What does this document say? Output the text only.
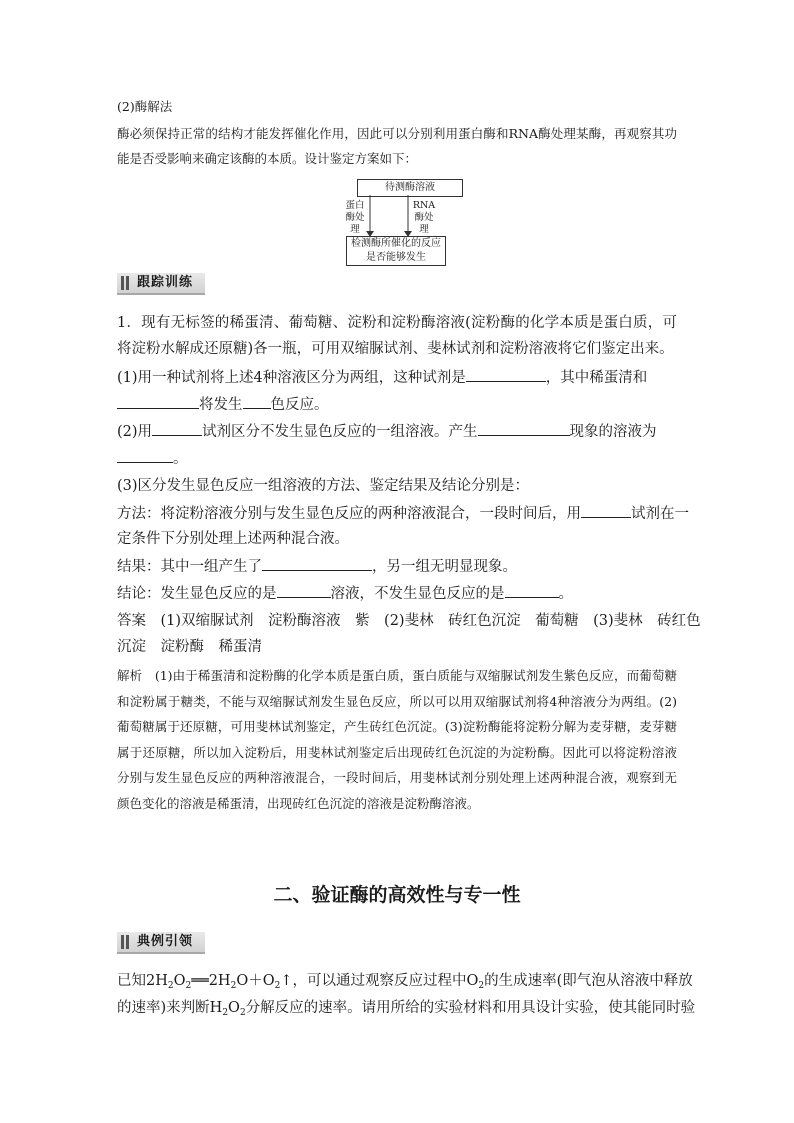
(2)酶解法

酶必须保持正常的结构才能发挥催化作用，因此可以分别利用蛋白酶和RNA酶处理某酶，再观察其功能是否受影响来确定该酶的本质。设计鉴定方案如下：

待测酶溶液
蛋白酶处理
RNA酶处理
检测酶所催化的反应是否能够发生
跟踪训练

1．现有无标签的稀蛋清、葡萄糖、淀粉和淀粉酶溶液(淀粉酶的化学本质是蛋白质，可将淀粉水解成还原糖)各一瓶，可用双缩脲试剂、斐林试剂和淀粉溶液将它们鉴定出来。

(1)用一种试剂将上述4种溶液区分为两组，这种试剂是	，其中稀蛋清和
将发生 色反应。
(2)用	试剂区分不发生显色反应的一组溶液。产生	现象的溶液为
。
(3)区分发生显色反应一组溶液的方法、鉴定结果及结论分别是：
方法：将淀粉溶液分别与发生显色反应的两种溶液混合，一段时间后，用	试剂在一
定条件下分别处理上述两种混合液。
结果：其中一组产生了	，另一组无明显现象。
结论：发生显色反应的是	溶液，不发生显色反应的是	。
答案　(1)双缩脲试剂　淀粉酶溶液　紫　(2)斐林　砖红色沉淀　葡萄糖　(3)斐林　砖红色
沉淀　淀粉酶　稀蛋清

解析　(1)由于稀蛋清和淀粉酶的化学本质是蛋白质，蛋白质能与双缩脲试剂发生紫色反应，而葡萄糖和淀粉属于糖类，不能与双缩脲试剂发生显色反应，所以可以用双缩脲试剂将4种溶液分为两组。(2)葡萄糖属于还原糖，可用斐林试剂鉴定，产生砖红色沉淀。(3)淀粉酶能将淀粉分解为麦芽糖，麦芽糖属于还原糖，所以加入淀粉后，用斐林试剂鉴定后出现砖红色沉淀的为淀粉酶。因此可以将淀粉溶液分别与发生显色反应的两种溶液混合，一段时间后，用斐林试剂分别处理上述两种混合液，观察到无颜色变化的溶液是稀蛋清，出现砖红色沉淀的溶液是淀粉酶溶液。

二、验证酶的高效性与专一性
典例引领
已知$2H_2O_2══2H_2O+O_2↑$，可以通过观察反应过程中$O_2$的生成速率(即气泡从溶液中释放
的速率)来判断$H_2O_2$分解反应的速率。请用所给的实验材料和用具设计实验，使其能同时验
